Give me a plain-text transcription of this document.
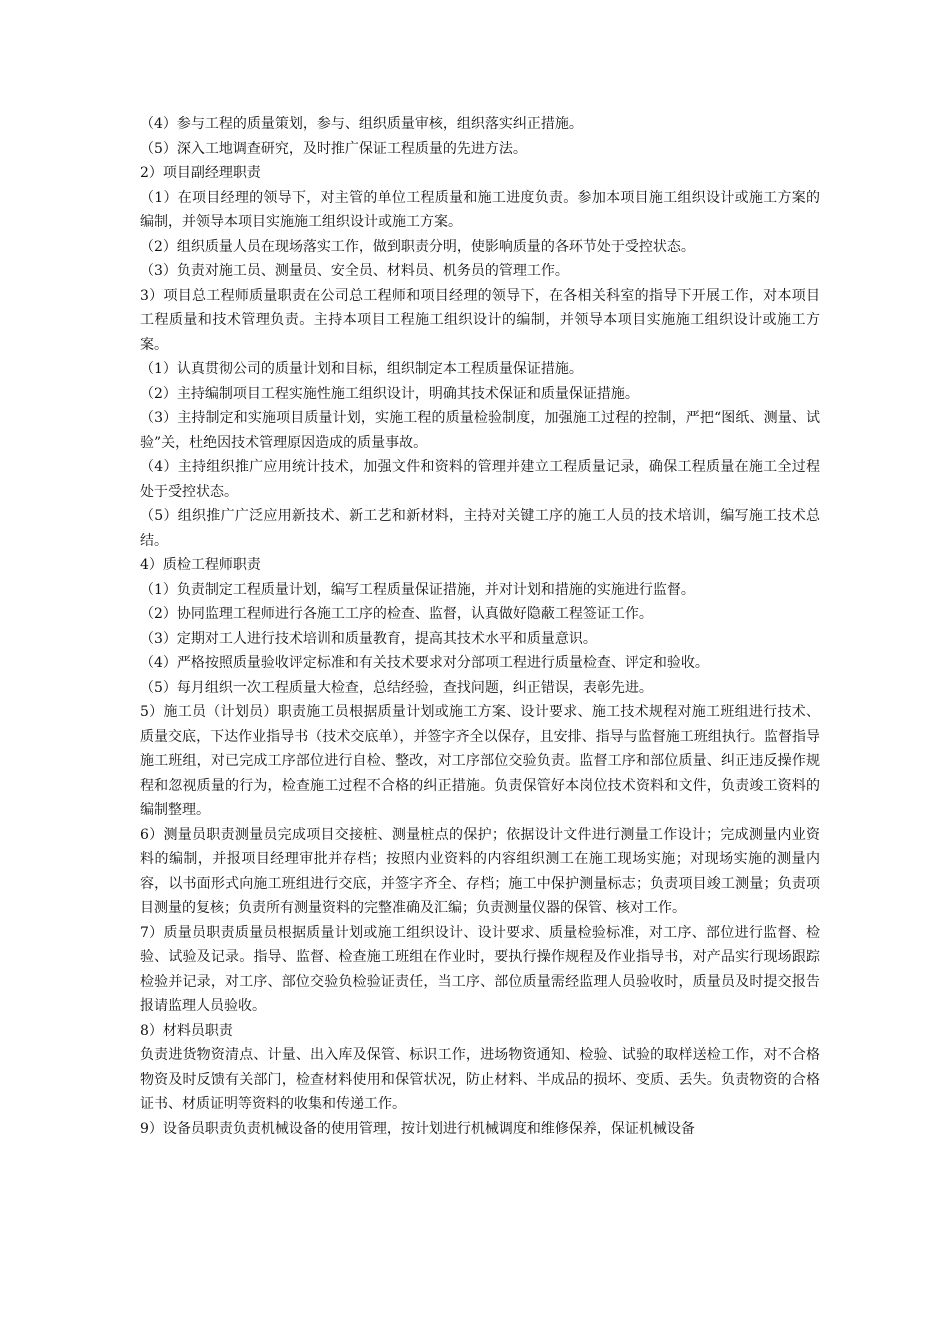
（4）参与工程的质量策划，参与、组织质量审核，组织落实纠正措施。

（5）深入工地调查研究，及时推广保证工程质量的先进方法。

2）项目副经理职责

（1）在项目经理的领导下，对主管的单位工程质量和施工进度负责。参加本项目施工组织设计或施工方案的编制，并领导本项目实施施工组织设计或施工方案。

（2）组织质量人员在现场落实工作，做到职责分明，使影响质量的各环节处于受控状态。

（3）负责对施工员、测量员、安全员、材料员、机务员的管理工作。

3）项目总工程师质量职责在公司总工程师和项目经理的领导下，在各相关科室的指导下开展工作，对本项目工程质量和技术管理负责。主持本项目工程施工组织设计的编制，并领导本项目实施施工组织设计或施工方案。

（1）认真贯彻公司的质量计划和目标，组织制定本工程质量保证措施。

（2）主持编制项目工程实施性施工组织设计，明确其技术保证和质量保证措施。

（3）主持制定和实施项目质量计划，实施工程的质量检验制度，加强施工过程的控制，严把“图纸、测量、试验”关，杜绝因技术管理原因造成的质量事故。

（4）主持组织推广应用统计技术，加强文件和资料的管理并建立工程质量记录，确保工程质量在施工全过程处于受控状态。

（5）组织推广广泛应用新技术、新工艺和新材料，主持对关键工序的施工人员的技术培训，编写施工技术总结。

4）质检工程师职责

（1）负责制定工程质量计划，编写工程质量保证措施，并对计划和措施的实施进行监督。

（2）协同监理工程师进行各施工工序的检查、监督，认真做好隐蔽工程签证工作。

（3）定期对工人进行技术培训和质量教育，提高其技术水平和质量意识。

（4）严格按照质量验收评定标准和有关技术要求对分部项工程进行质量检查、评定和验收。

（5）每月组织一次工程质量大检查，总结经验，查找问题，纠正错误，表彰先进。

5）施工员（计划员）职责施工员根据质量计划或施工方案、设计要求、施工技术规程对施工班组进行技术、质量交底，下达作业指导书（技术交底单），并签字齐全以保存，且安排、指导与监督施工班组执行。监督指导施工班组，对已完成工序部位进行自检、整改，对工序部位交验负责。监督工序和部位质量、纠正违反操作规程和忽视质量的行为，检查施工过程不合格的纠正措施。负责保管好本岗位技术资料和文件，负责竣工资料的编制整理。

6）测量员职责测量员完成项目交接桩、测量桩点的保护；依据设计文件进行测量工作设计；完成测量内业资料的编制，并报项目经理审批并存档；按照内业资料的内容组织测工在施工现场实施；对现场实施的测量内容，以书面形式向施工班组进行交底，并签字齐全、存档；施工中保护测量标志；负责项目竣工测量；负责项目测量的复核；负责所有测量资料的完整准确及汇编；负责测量仪器的保管、核对工作。

7）质量员职责质量员根据质量计划或施工组织设计、设计要求、质量检验标准，对工序、部位进行监督、检验、试验及记录。指导、监督、检查施工班组在作业时，要执行操作规程及作业指导书，对产品实行现场跟踪检验并记录，对工序、部位交验负检验证责任，当工序、部位质量需经监理人员验收时，质量员及时提交报告报请监理人员验收。

8）材料员职责

负责进货物资清点、计量、出入库及保管、标识工作，进场物资通知、检验、试验的取样送检工作，对不合格物资及时反馈有关部门，检查材料使用和保管状况，防止材料、半成品的损坏、变质、丢失。负责物资的合格证书、材质证明等资料的收集和传递工作。

9）设备员职责负责机械设备的使用管理，按计划进行机械调度和维修保养，保证机械设备
